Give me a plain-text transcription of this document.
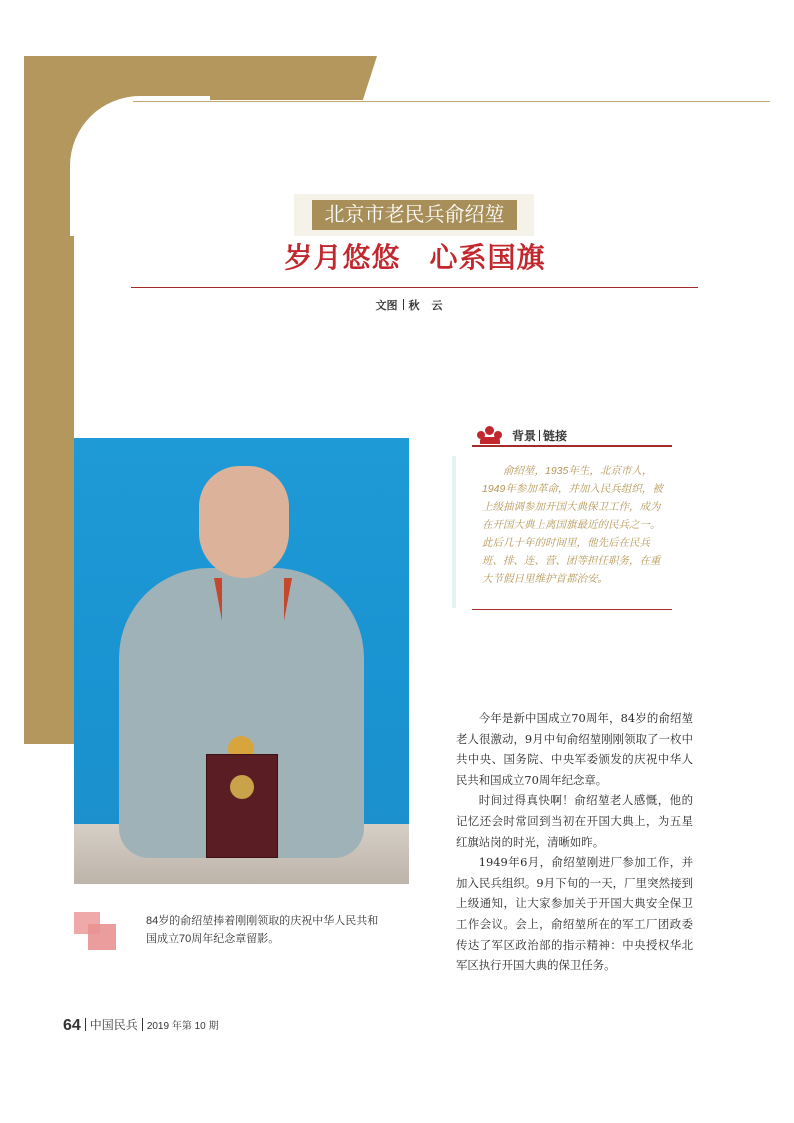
北京市老民兵俞绍堃
岁月悠悠　心系国旗
文图 秋云
84岁的俞绍堃捧着刚刚领取的庆祝中华人民共和国成立70周年纪念章留影。
背景 链接
俞绍堃，1935年生，北京市人，1949年参加革命，并加入民兵组织，被上级抽调参加开国大典保卫工作，成为在开国大典上离国旗最近的民兵之一。此后几十年的时间里，他先后在民兵班、排、连、营、团等担任职务，在重大节假日里维护首都治安。

今年是新中国成立70周年，84岁的俞绍堃老人很激动，9月中旬俞绍堃刚刚领取了一枚中共中央、国务院、中央军委颁发的庆祝中华人民共和国成立70周年纪念章。

时间过得真快啊！俞绍堃老人感慨，他的记忆还会时常回到当初在开国大典上，为五星红旗站岗的时光，清晰如昨。

1949年6月，俞绍堃刚进厂参加工作，并加入民兵组织。9月下旬的一天，厂里突然接到上级通知，让大家参加关于开国大典安全保卫工作会议。会上，俞绍堃所在的军工厂团政委传达了军区政治部的指示精神：中央授权华北军区执行开国大典的保卫任务。

64 中国民兵 2019 年第 10 期
